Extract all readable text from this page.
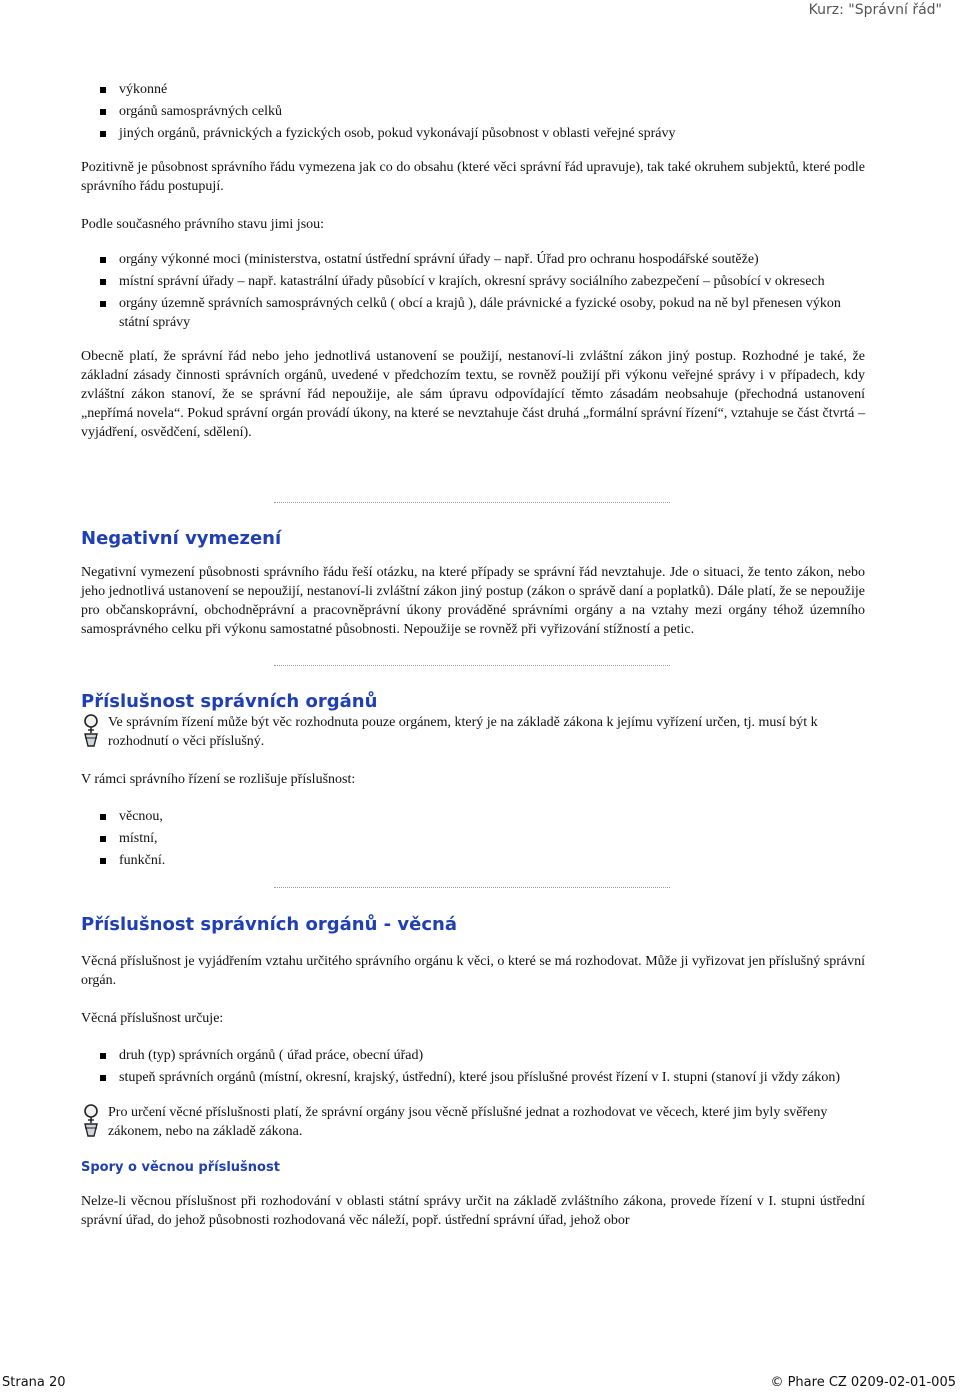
Kurz: "Správní řád"
výkonné
orgánů samosprávných celků
jiných orgánů, právnických a fyzických osob, pokud vykonávají působnost v oblasti veřejné správy

Pozitivně je působnost správního řádu vymezena jak co do obsahu (které věci správní řád upravuje), tak také okruhem subjektů, které podle správního řádu postupují.

Podle současného právního stavu jimi jsou:

orgány výkonné moci (ministerstva, ostatní ústřední správní úřady – např. Úřad pro ochranu hospodářské soutěže)
místní správní úřady – např. katastrální úřady působící v krajích, okresní správy sociálního zabezpečení – působící v okresech
orgány územně správních samosprávných celků ( obcí a krajů ), dále právnické a fyzické osoby, pokud na ně byl přenesen výkon státní správy

Obecně platí, že správní řád nebo jeho jednotlivá ustanovení se použijí, nestanoví-li zvláštní zákon jiný postup. Rozhodné je také, že základní zásady činnosti správních orgánů, uvedené v předchozím textu, se rovněž použijí při výkonu veřejné správy i v případech, kdy zvláštní zákon stanoví, že se správní řád nepoužije, ale sám úpravu odpovídající těmto zásadám neobsahuje (přechodná ustanovení „nepřímá novela“. Pokud správní orgán provádí úkony, na které se nevztahuje část druhá „formální správní řízení“, vztahuje se část čtvrtá – vyjádření, osvědčení, sdělení).

Negativní vymezení

Negativní vymezení působnosti správního řádu řeší otázku, na které případy se správní řád nevztahuje. Jde o situaci, že tento zákon, nebo jeho jednotlivá ustanovení se nepoužijí, nestanoví-li zvláštní zákon jiný postup (zákon o správě daní a poplatků). Dále platí, že se nepoužije pro občanskoprávní, obchodněprávní a pracovněprávní úkony prováděné správními orgány a na vztahy mezi orgány téhož územního samosprávného celku při výkonu samostatné působnosti. Nepoužije se rovněž při vyřizování stížností a petic.

Příslušnost správních orgánů

Ve správním řízení může být věc rozhodnuta pouze orgánem, který je na základě zákona k jejímu vyřízení určen, tj. musí být k rozhodnutí o věci příslušný.

V rámci správního řízení se rozlišuje příslušnost:

věcnou,
místní,
funkční.
Příslušnost správních orgánů - věcná

Věcná příslušnost je vyjádřením vztahu určitého správního orgánu k věci, o které se má rozhodovat. Může ji vyřizovat jen příslušný správní orgán.

Věcná příslušnost určuje:

druh (typ) správních orgánů ( úřad práce, obecní úřad)
stupeň správních orgánů (místní, okresní, krajský, ústřední), které jsou příslušné provést řízení v I. stupni (stanoví ji vždy zákon)

Pro určení věcné příslušnosti platí, že správní orgány jsou věcně příslušné jednat a rozhodovat ve věcech, které jim byly svěřeny zákonem, nebo na základě zákona.

Spory o věcnou příslušnost

Nelze-li věcnou příslušnost při rozhodování v oblasti státní správy určit na základě zvláštního zákona, provede řízení v I. stupni ústřední správní úřad, do jehož působnosti rozhodovaná věc náleží, popř. ústřední správní úřad, jehož obor

Strana 20	© Phare CZ 0209-02-01-005
